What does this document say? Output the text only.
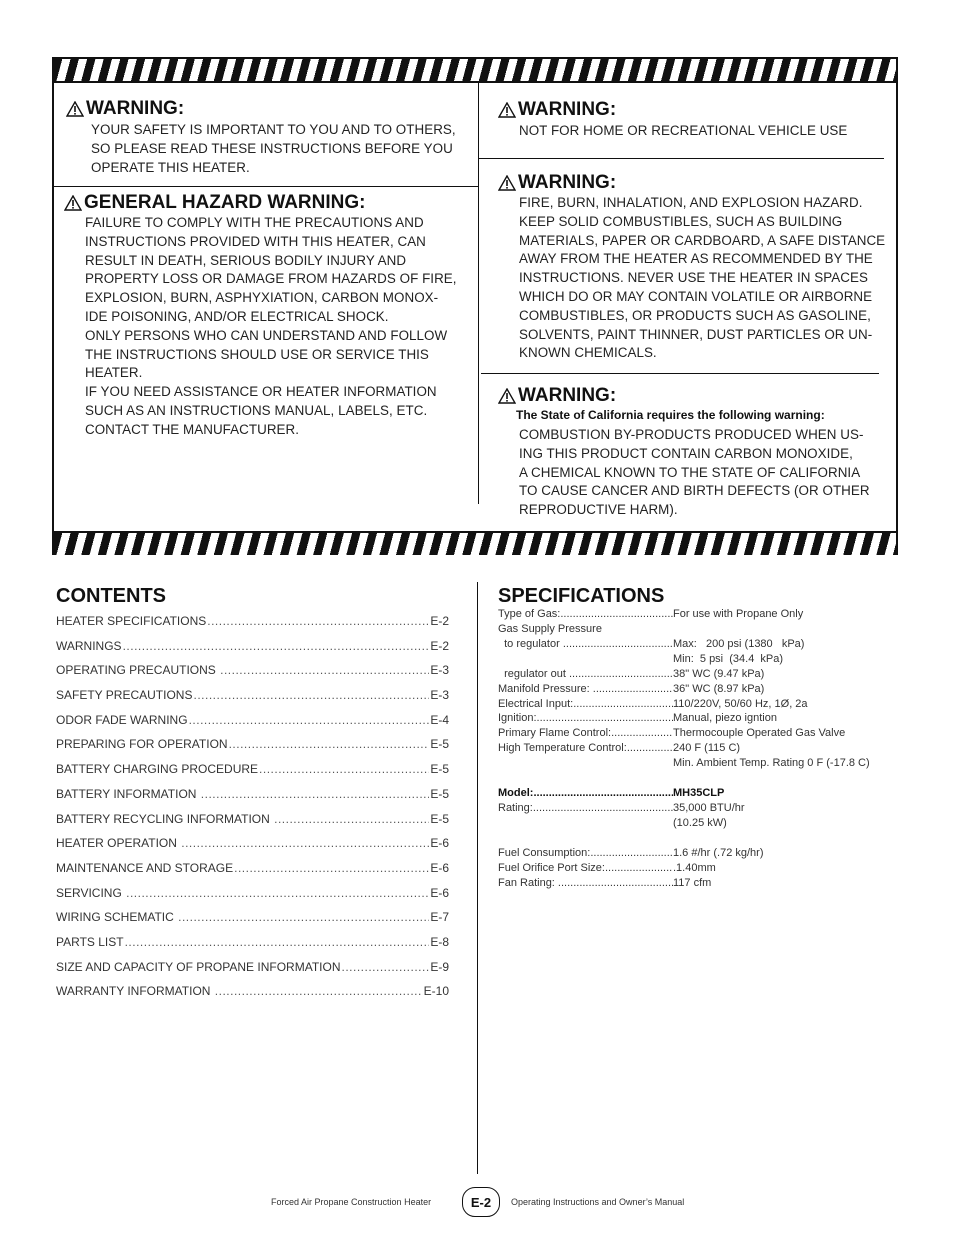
WARNING:
YOUR SAFETY IS IMPORTANT TO YOU AND TO OTHERS,
SO PLEASE READ THESE INSTRUCTIONS BEFORE YOU
OPERATE THIS HEATER.
GENERAL HAZARD WARNING:
FAILURE TO COMPLY WITH THE PRECAUTIONS AND
INSTRUCTIONS PROVIDED WITH THIS HEATER, CAN
RESULT IN DEATH, SERIOUS BODILY INJURY AND
PROPERTY LOSS OR DAMAGE FROM HAZARDS OF FIRE,
EXPLOSION, BURN, ASPHYXIATION, CARBON MONOX-
IDE POISONING, AND/OR ELECTRICAL SHOCK.
ONLY PERSONS WHO CAN UNDERSTAND AND FOLLOW
THE INSTRUCTIONS SHOULD USE OR SERVICE THIS
HEATER.
IF YOU NEED ASSISTANCE OR HEATER INFORMATION
SUCH AS AN INSTRUCTIONS MANUAL, LABELS, ETC.
CONTACT THE MANUFACTURER.
WARNING:
NOT FOR HOME OR RECREATIONAL VEHICLE USE
WARNING:
FIRE, BURN, INHALATION, AND EXPLOSION HAZARD.
KEEP SOLID COMBUSTIBLES, SUCH AS BUILDING
MATERIALS, PAPER OR CARDBOARD, A SAFE DISTANCE
AWAY FROM THE HEATER AS RECOMMENDED BY THE
INSTRUCTIONS. NEVER USE THE HEATER IN SPACES
WHICH DO OR MAY CONTAIN VOLATILE OR AIRBORNE
COMBUSTIBLES, OR PRODUCTS SUCH AS GASOLINE,
SOLVENTS, PAINT THINNER, DUST PARTICLES OR UN-
KNOWN CHEMICALS.
WARNING:
The State of California requires the following warning:
COMBUSTION BY-PRODUCTS PRODUCED WHEN US-
ING THIS PRODUCT CONTAIN CARBON MONOXIDE,
A CHEMICAL KNOWN TO THE STATE OF CALIFORNIA
TO CAUSE CANCER AND BIRTH DEFECTS (OR OTHER
REPRODUCTIVE HARM).
CONTENTS
HEATER SPECIFICATIONS .....	E-2
WARNINGS .....	E-2
OPERATING PRECAUTIONS .....	E-3
SAFETY PRECAUTIONS .....	E-3
ODOR FADE WARNING .....	E-4
PREPARING FOR OPERATION .....	E-5
BATTERY CHARGING PROCEDURE .....	E-5
BATTERY INFORMATION .....	E-5
BATTERY RECYCLING INFORMATION .....	E-5
HEATER OPERATION .....	E-6
MAINTENANCE AND STORAGE .....	E-6
SERVICING .....	E-6
WIRING SCHEMATIC .....	E-7
PARTS LIST .....	E-8
SIZE AND CAPACITY OF PROPANE INFORMATION .....	E-9
WARRANTY INFORMATION .....	E-10
SPECIFICATIONS
Type of Gas: .....	For use with Propane Only
Gas Supply Pressure
to regulator .....	Max:   200 psi (1380   kPa)
Min:  5 psi  (34.4  kPa)
regulator out .....	38" WC (9.47 kPa)
Manifold Pressure: .....	36" WC (8.97 kPa)
Electrical Input: .....	110/220V, 50/60 Hz, 1Ø, 2a
Ignition: .....	Manual, piezo igntion
Primary Flame Control: .....	Thermocouple Operated Gas Valve
High Temperature Control: .....	240 F (115 C)
Min. Ambient Temp. Rating 0 F (-17.8 C)
Model: .....	MH35CLP
Rating: .....	35,000 BTU/hr
(10.25 kW)
Fuel Consumption: .....	1.6 #/hr (.72 kg/hr)
Fuel Orifice Port Size: .....	.1.40mm
Fan Rating: .....	117 cfm
Forced Air Propane Construction Heater	E-2	Operating Instructions and Owner’s Manual
